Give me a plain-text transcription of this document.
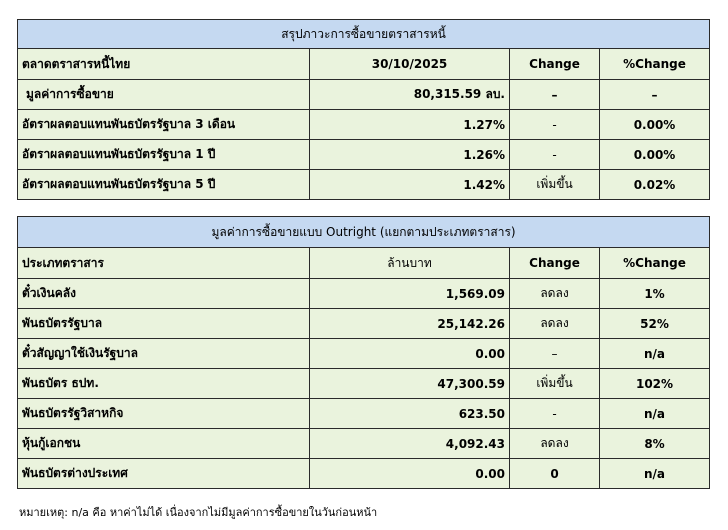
สรุปภาวะการซื้อขายตราสารหนี้			
ตลาดตราสารหนี้ไทย	30/10/2025	Change	%Change
มูลค่าการซื้อขาย	80,315.59 ลบ.	–	–
อัตราผลตอบแทนพันธบัตรรัฐบาล 3 เดือน	1.27%	-	0.00%
อัตราผลตอบแทนพันธบัตรรัฐบาล 1 ปี	1.26%	-	0.00%
อัตราผลตอบแทนพันธบัตรรัฐบาล 5 ปี	1.42%	เพิ่มขึ้น	0.02%
มูลค่าการซื้อขายแบบ Outright (แยกตามประเภทตราสาร)			
ประเภทตราสาร	ล้านบาท	Change	%Change
ตั๋วเงินคลัง	1,569.09	ลดลง	1%
พันธบัตรรัฐบาล	25,142.26	ลดลง	52%
ตั๋วสัญญาใช้เงินรัฐบาล	0.00	–	n/a
พันธบัตร ธปท.	47,300.59	เพิ่มขึ้น	102%
พันธบัตรรัฐวิสาหกิจ	623.50	-	n/a
หุ้นกู้เอกชน	4,092.43	ลดลง	8%
พันธบัตรต่างประเทศ	0.00	0	n/a
หมายเหตุ: n/a คือ หาค่าไม่ได้ เนื่องจากไม่มีมูลค่าการซื้อขายในวันก่อนหน้า
